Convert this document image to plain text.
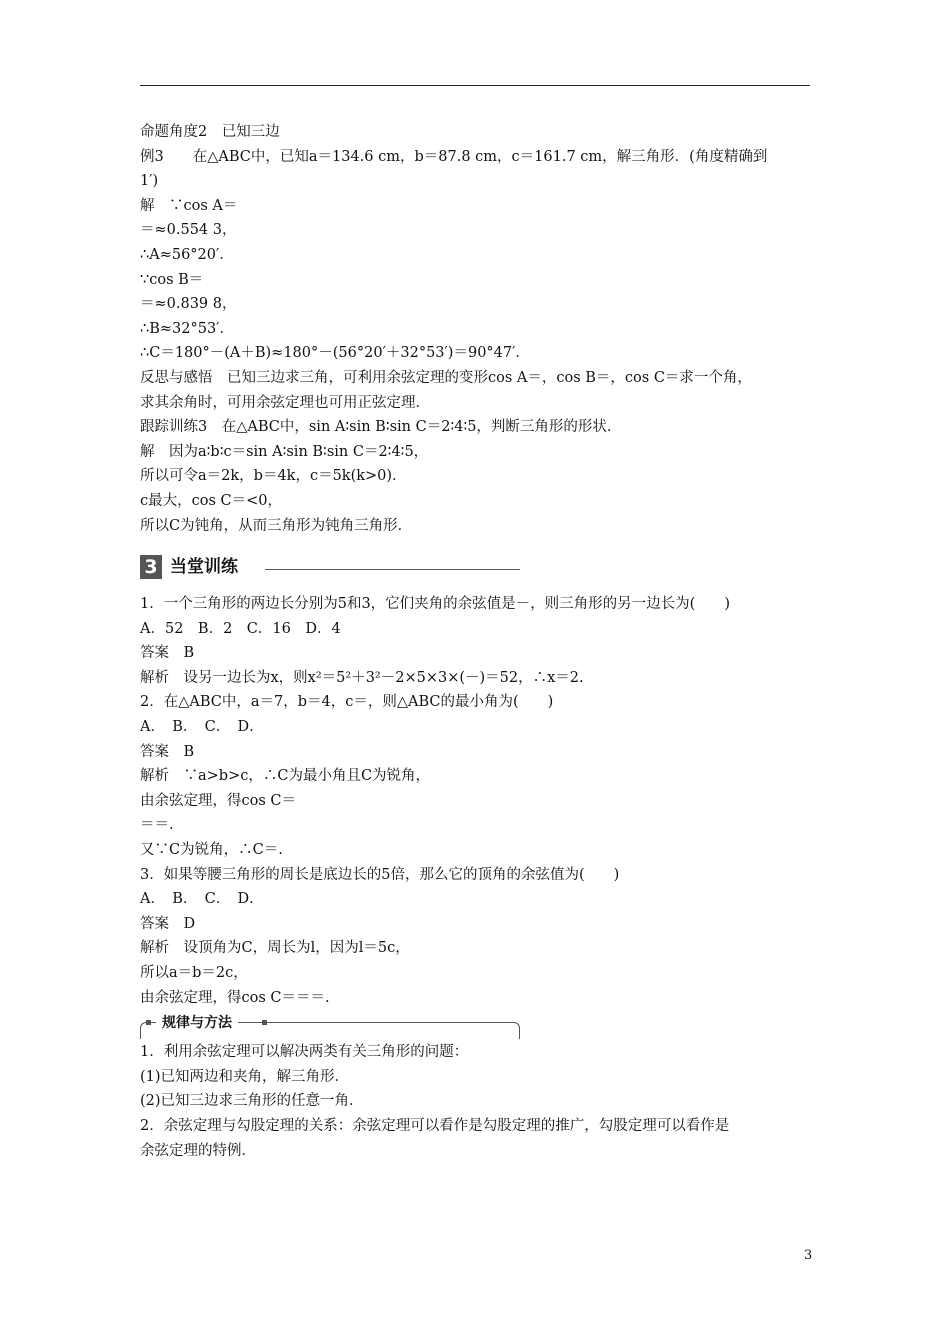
命题角度2　已知三边
例3　　在△ABC中，已知a＝134.6 cm，b＝87.8 cm，c＝161.7 cm，解三角形．(角度精确到
1′)
解　∵cos A＝
＝≈0.554 3，
∴A≈56°20′．
∵cos B＝
＝≈0.839 8，
∴B≈32°53′．
∴C＝180°－(A＋B)≈180°－(56°20′＋32°53′)＝90°47′．
反思与感悟　已知三边求三角，可利用余弦定理的变形cos A＝，cos B＝，cos C＝求一个角，
求其余角时，可用余弦定理也可用正弦定理．
跟踪训练3　在△ABC中，sin A∶sin B∶sin C＝2∶4∶5，判断三角形的形状．
解　因为a∶b∶c＝sin A∶sin B∶sin C＝2∶4∶5，
所以可令a＝2k，b＝4k，c＝5k(k>0)．
c最大，cos C＝<0，
所以C为钝角，从而三角形为钝角三角形．
3 当堂训练
1．一个三角形的两边长分别为5和3，它们夹角的余弦值是－，则三角形的另一边长为(　　)
A．52　B．2　C．16　D．4
答案　B
解析　设另一边长为x，则x²＝5²＋3²－2×5×3×(－)＝52，∴x＝2.
2．在△ABC中，a＝7，b＝4，c＝，则△ABC的最小角为(　　)
A．　B．　C．　D．
答案　B
解析　∵a>b>c，∴C为最小角且C为锐角，
由余弦定理，得cos C＝
＝＝.
又∵C为锐角，∴C＝.
3．如果等腰三角形的周长是底边长的5倍，那么它的顶角的余弦值为(　　)
A．　B．　C．　D．
答案　D
解析　设顶角为C，周长为l，因为l＝5c，
所以a＝b＝2c，
由余弦定理，得cos C＝＝＝.
规律与方法
1．利用余弦定理可以解决两类有关三角形的问题：
(1)已知两边和夹角，解三角形．
(2)已知三边求三角形的任意一角．
2．余弦定理与勾股定理的关系：余弦定理可以看作是勾股定理的推广，勾股定理可以看作是
余弦定理的特例．
3
